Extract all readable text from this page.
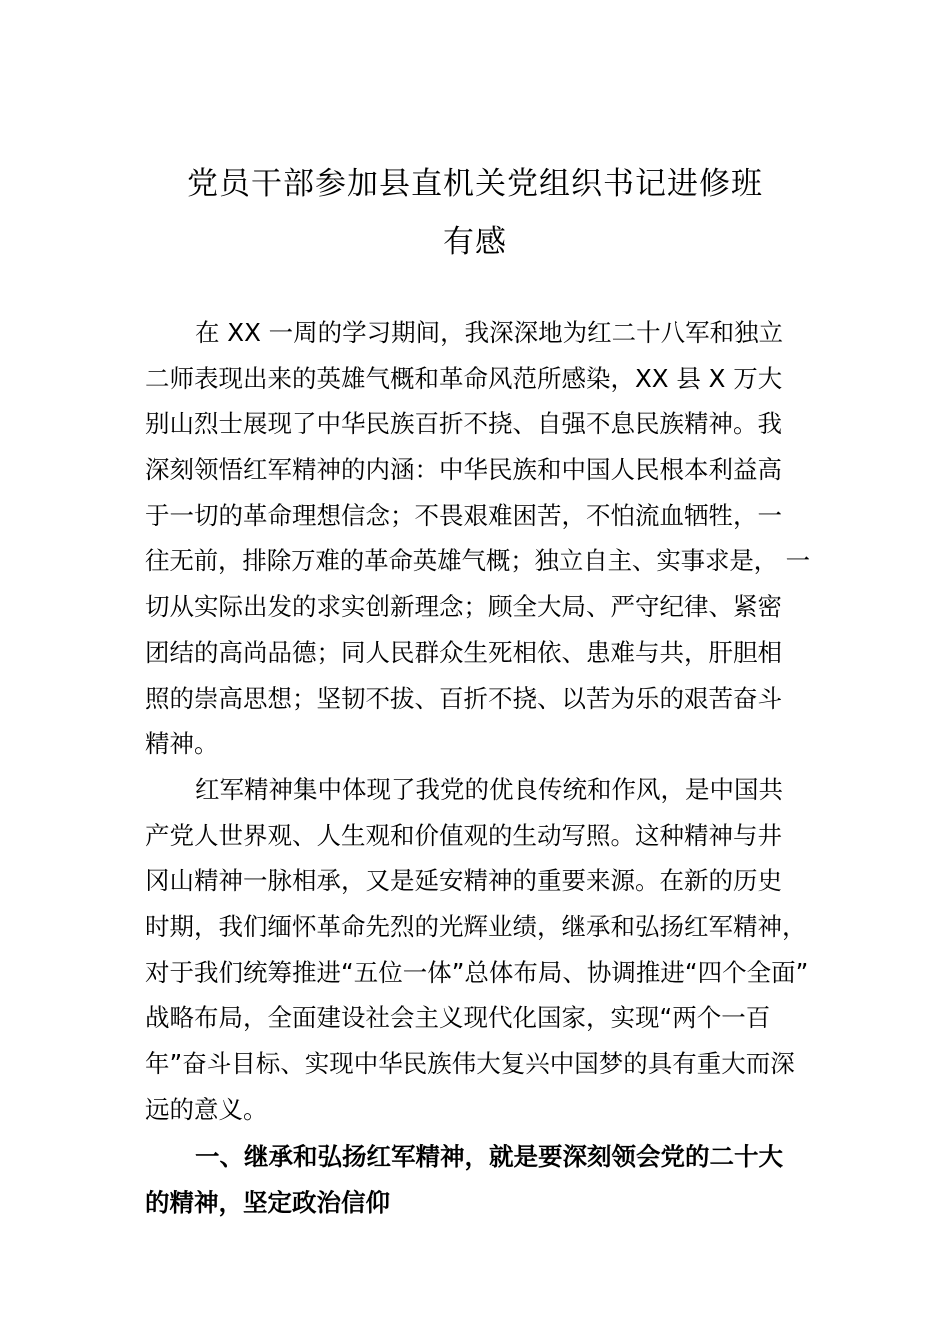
党员干部参加县直机关党组织书记进修班
有感
在 XX 一周的学习期间，我深深地为红二十八军和独立
二师表现出来的英雄气概和革命风范所感染，XX 县 X 万大
别山烈士展现了中华民族百折不挠、自强不息民族精神。我
深刻领悟红军精神的内涵：中华民族和中国人民根本利益高
于一切的革命理想信念；不畏艰难困苦，不怕流血牺牲，一
往无前，排除万难的革命英雄气概；独立自主、实事求是， 一
切从实际出发的求实创新理念；顾全大局、严守纪律、紧密
团结的高尚品德；同人民群众生死相依、患难与共，肝胆相
照的崇高思想；坚韧不拔、百折不挠、以苦为乐的艰苦奋斗
精神。
红军精神集中体现了我党的优良传统和作风，是中国共
产党人世界观、人生观和价值观的生动写照。这种精神与井
冈山精神一脉相承，又是延安精神的重要来源。在新的历史
时期，我们缅怀革命先烈的光辉业绩，继承和弘扬红军精神，
对于我们统筹推进“五位一体”总体布局、协调推进“四个全面”
战略布局，全面建设社会主义现代化国家，实现“两个一百
年”奋斗目标、实现中华民族伟大复兴中国梦的具有重大而深
远的意义。
一、继承和弘扬红军精神，就是要深刻领会党的二十大
的精神，坚定政治信仰
